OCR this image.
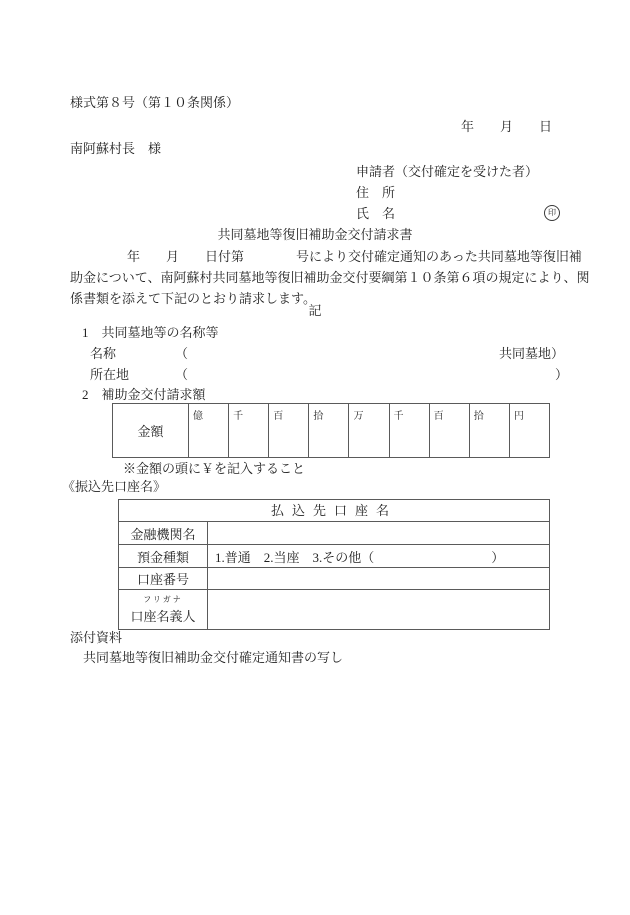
様式第８号（第１０条関係）
年　　月　　日
南阿蘇村長　様
申請者（交付確定を受けた者）
住　所
氏　名	印
共同墓地等復旧補助金交付請求書
年　　月　　日付第　　　　号により交付確定通知のあった共同墓地等復旧補
助金について、南阿蘇村共同墓地等復旧補助金交付要綱第１０条第６項の規定により、関
係書類を添えて下記のとおり請求します。
記
1　共同墓地等の名称等
名称	（	共同墓地）
所在地	（	）
2　補助金交付請求額
金額
億	千	百	拾	万	千	百	拾	円
※金額の頭に￥を記入すること
《振込先口座名》
払込先口座名
金融機関名
預金種類	1.普通　2.当座　3.その他（　　　　　　　　　）
口座番号
フリガナ
口座名義人
添付資料
共同墓地等復旧補助金交付確定通知書の写し
